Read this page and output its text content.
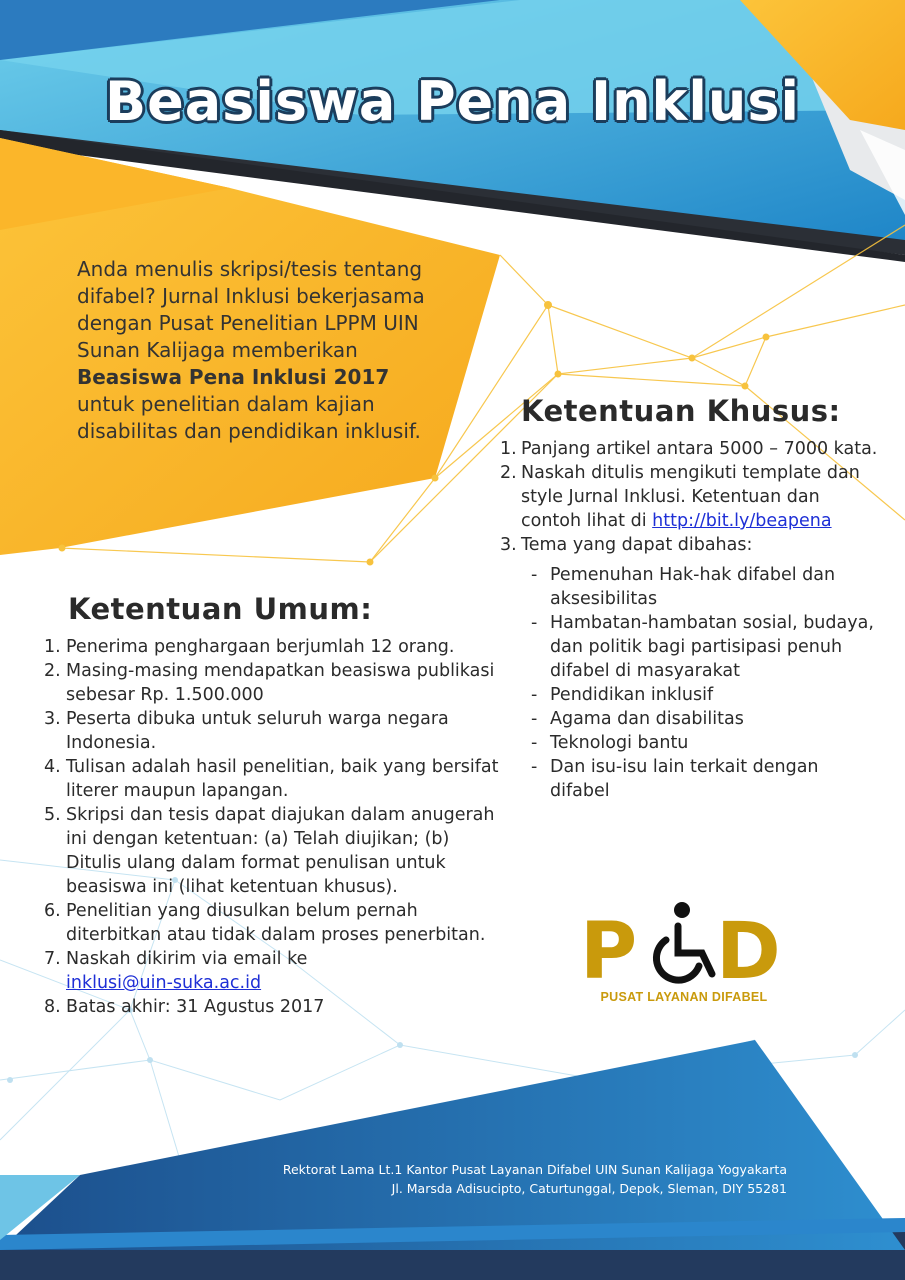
Beasiswa Pena Inklusi
Anda menulis skripsi/tesis tentang difabel? Jurnal Inklusi bekerjasama dengan Pusat Penelitian LPPM UIN Sunan Kalijaga memberikan Beasiswa Pena Inklusi 2017 untuk penelitian dalam kajian disabilitas dan pendidikan inklusif.
Ketentuan Khusus:
1. Panjang artikel antara 5000 – 7000 kata.
2. Naskah ditulis mengikuti template dan style Jurnal Inklusi. Ketentuan dan contoh lihat di http://bit.ly/beapena
3. Tema yang dapat dibahas:
- Pemenuhan Hak-hak difabel dan aksesibilitas
- Hambatan-hambatan sosial, budaya, dan politik bagi partisipasi penuh difabel di masyarakat
- Pendidikan inklusif
- Agama dan disabilitas
- Teknologi bantu
- Dan isu-isu lain terkait dengan difabel
Ketentuan Umum:
1. Penerima penghargaan berjumlah 12 orang.
2. Masing-masing mendapatkan beasiswa publikasi sebesar Rp. 1.500.000
3. Peserta dibuka untuk seluruh warga negara Indonesia.
4. Tulisan adalah hasil penelitian, baik yang bersifat literer maupun lapangan.
5. Skripsi dan tesis dapat diajukan dalam anugerah ini dengan ketentuan: (a) Telah diujikan; (b) Ditulis ulang dalam format penulisan untuk beasiswa ini (lihat ketentuan khusus).
6. Penelitian yang diusulkan belum pernah diterbitkan atau tidak dalam proses penerbitan.
7. Naskah dikirim via email ke
inklusi@uin-suka.ac.id
8. Batas akhir: 31 Agustus 2017
P D
PUSAT LAYANAN DIFABEL
Rektorat Lama Lt.1 Kantor Pusat Layanan Difabel UIN Sunan Kalijaga Yogyakarta
Jl. Marsda Adisucipto, Caturtunggal, Depok, Sleman, DIY 55281
